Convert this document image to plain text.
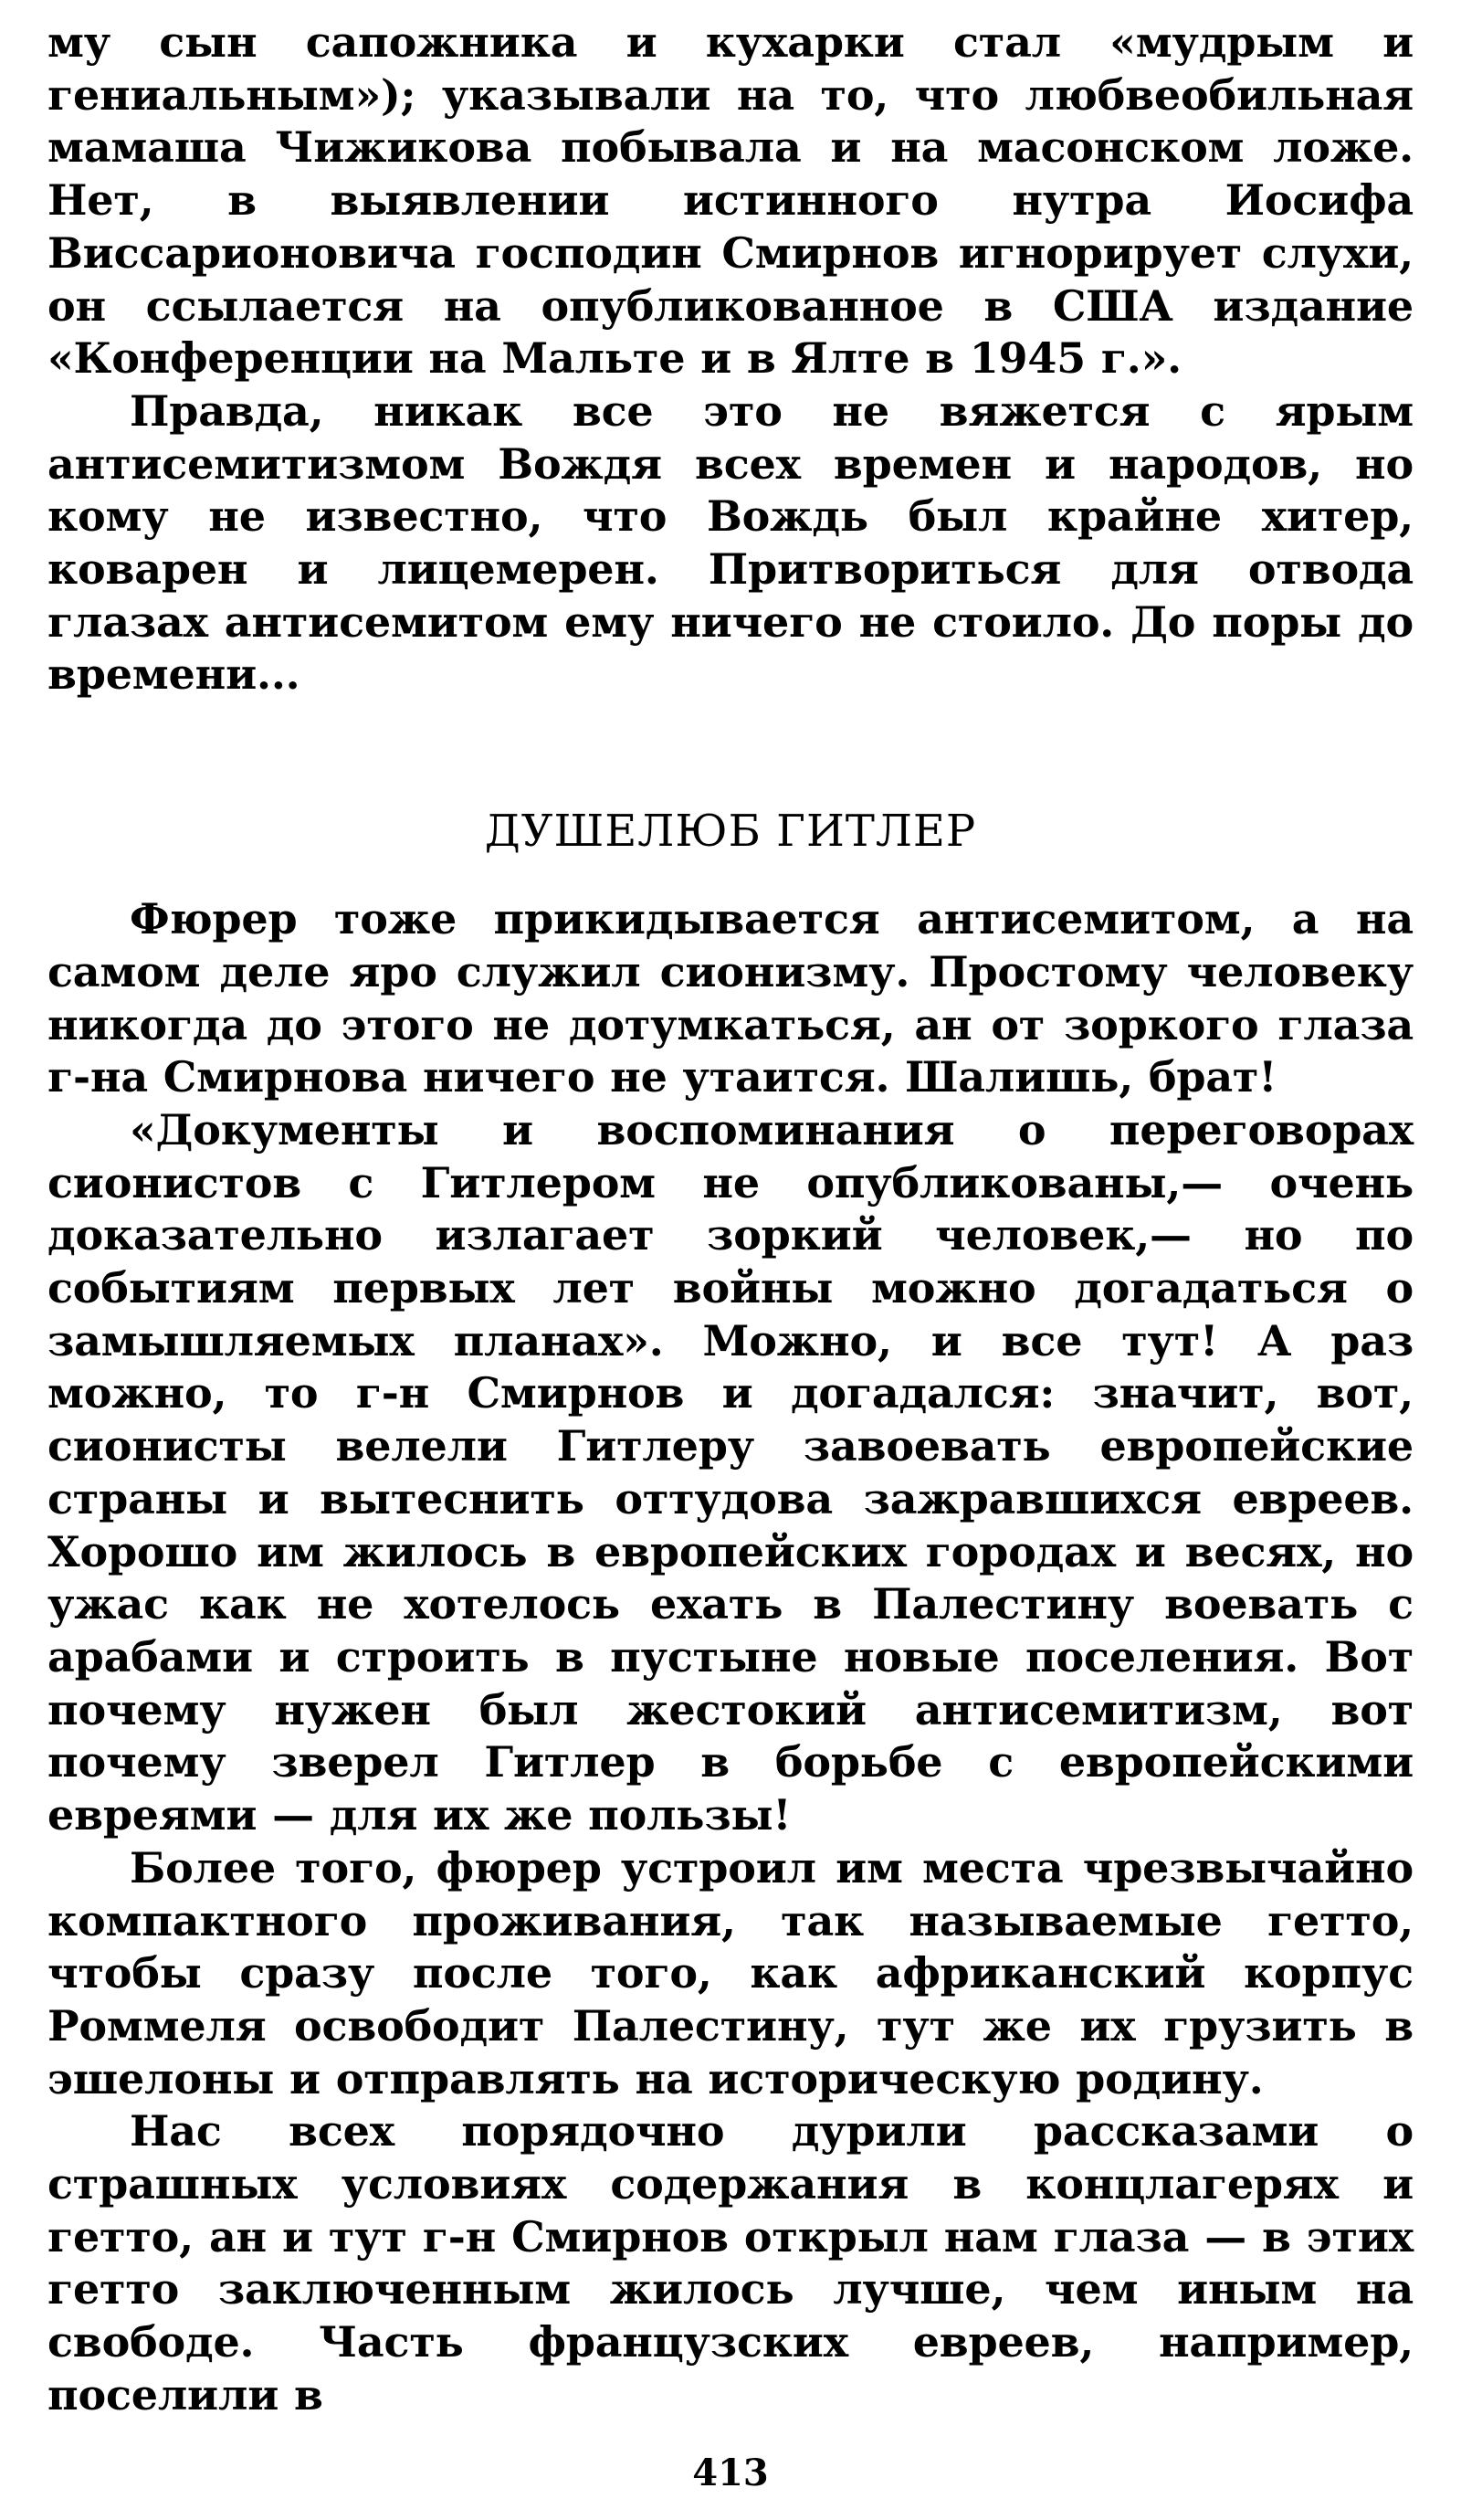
му сын сапожника и кухарки стал «мудрым и гениальным»); указывали на то, что любвеобильная мамаша Чижикова побывала и на масонском ложе. Нет, в выявлении истинного нутра Иосифа Виссарионовича господин Смирнов игнорирует слухи, он ссылается на опубликованное в США издание «Конференции на Мальте и в Ялте в 1945 г.».

Правда, никак все это не вяжется с ярым антисемитизмом Вождя всех времен и народов, но кому не известно, что Вождь был крайне хитер, коварен и лицемерен. Притвориться для отвода глазах антисемитом ему ничего не стоило. До поры до времени...

ДУШЕЛЮБ ГИТЛЕР

Фюрер тоже прикидывается антисемитом, а на самом деле яро служил сионизму. Простому человеку никогда до этого не дотумкаться, ан от зоркого глаза г-на Смирнова ничего не утаится. Шалишь, брат!

«Документы и воспоминания о переговорах сионистов с Гитлером не опубликованы,— очень доказательно излагает зоркий человек,— но по событиям первых лет войны можно догадаться о замышляемых планах». Можно, и все тут! А раз можно, то г-н Смирнов и догадался: значит, вот, сионисты велели Гитлеру завоевать европейские страны и вытеснить оттудова зажравшихся евреев. Хорошо им жилось в европейских городах и весях, но ужас как не хотелось ехать в Палестину воевать с арабами и строить в пустыне новые поселения. Вот почему нужен был жестокий антисемитизм, вот почему зверел Гитлер в борьбе с европейскими евреями — для их же пользы!

Более того, фюрер устроил им места чрезвычайно компактного проживания, так называемые гетто, чтобы сразу после того, как африканский корпус Роммеля освободит Палестину, тут же их грузить в эшелоны и отправлять на историческую родину.

Нас всех порядочно дурили рассказами о страшных условиях содержания в концлагерях и гетто, ан и тут г-н Смирнов открыл нам глаза — в этих гетто заключенным жилось лучше, чем иным на свободе. Часть французских евреев, например, поселили в

413
